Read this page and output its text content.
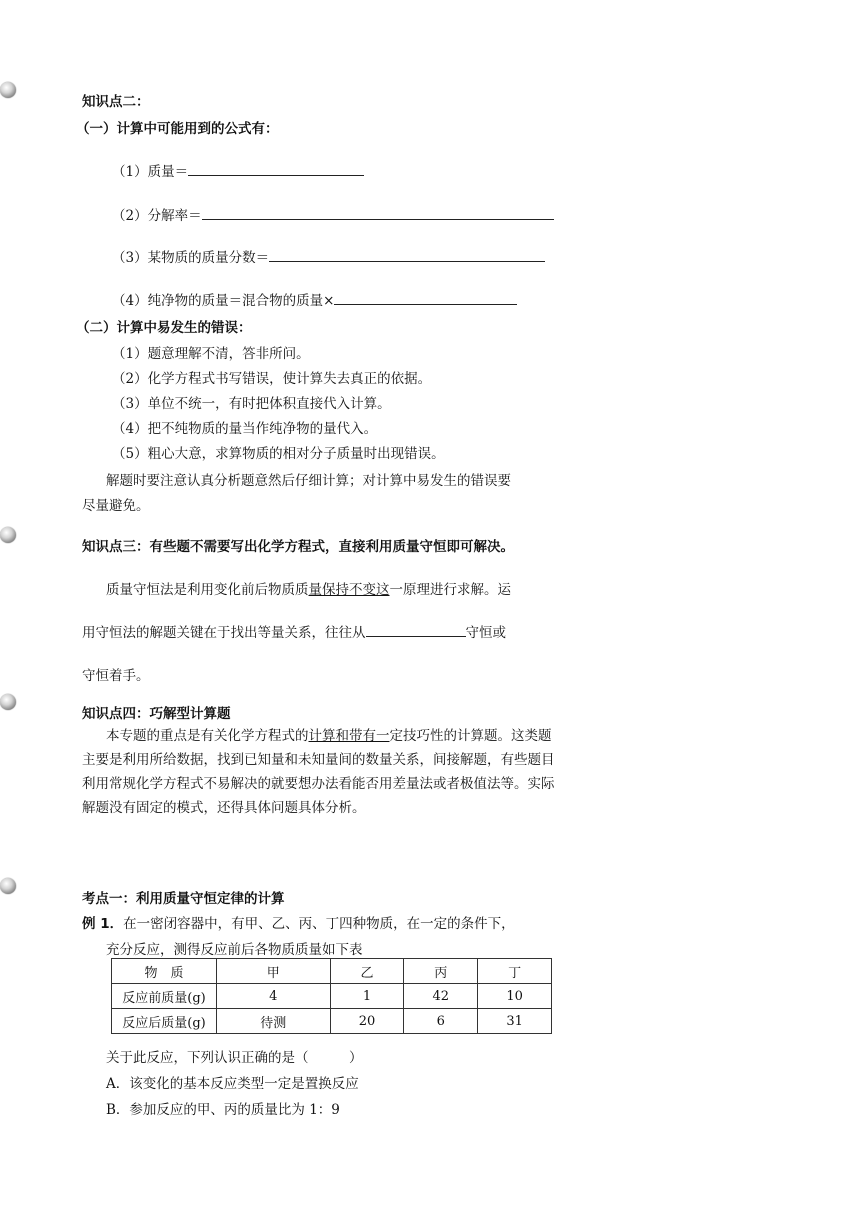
知识点二：
（一）计算中可能用到的公式有：
（1）质量＝
（2）分解率＝
（3）某物质的质量分数＝
（4）纯净物的质量＝混合物的质量×
（二）计算中易发生的错误：
（1）题意理解不清，答非所问。
（2）化学方程式书写错误，使计算失去真正的依据。
（3）单位不统一，有时把体积直接代入计算。
（4）把不纯物质的量当作纯净物的量代入。
（5）粗心大意，求算物质的相对分子质量时出现错误。
解题时要注意认真分析题意然后仔细计算；对计算中易发生的错误要
尽量避免。
知识点三：有些题不需要写出化学方程式，直接利用质量守恒即可解决。
质量守恒法是利用变化前后物质质量保持不变这一原理进行求解。运
用守恒法的解题关键在于找出等量关系，往往从	守恒或
守恒着手。
知识点四：巧解型计算题
本专题的重点是有关化学方程式的计算和带有一定技巧性的计算题。这类题主要是利用所给数据，找到已知量和未知量间的数量关系，间接解题，有些题目利用常规化学方程式不易解决的就要想办法看能否用差量法或者极值法等。实际解题没有固定的模式，还得具体问题具体分析。
考点一：利用质量守恒定律的计算
例 1．在一密闭容器中，有甲、乙、丙、丁四种物质，在一定的条件下，
充分反应，测得反应前后各物质质量如下表
物　质	甲	乙	丙	丁
反应前质量(g)	4	1	42	10
反应后质量(g)	待测	20	6	31
关于此反应，下列认识正确的是（　　　）
A．该变化的基本反应类型一定是置换反应
B．参加反应的甲、丙的质量比为 1：9
